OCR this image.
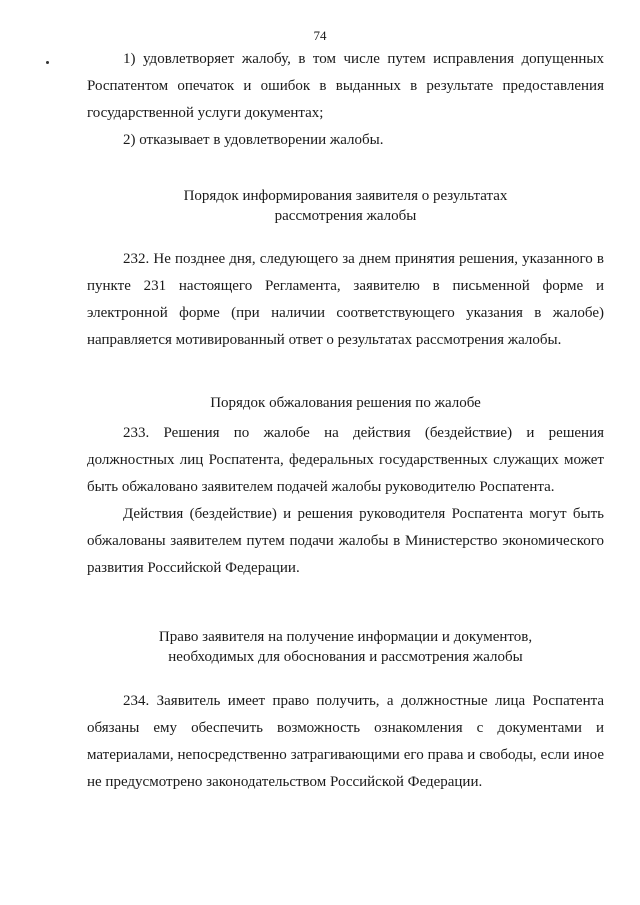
74

1) удовлетворяет жалобу, в том числе путем исправления допущенных Роспатентом опечаток и ошибок в выданных в результате предоставления государственной услуги документах;

2) отказывает в удовлетворении жалобы.

Порядок информирования заявителя о результатах
рассмотрения жалобы

232. Не позднее дня, следующего за днем принятия решения, указанного в пункте 231 настоящего Регламента, заявителю в письменной форме и электронной форме (при наличии соответствующего указания в жалобе) направляется мотивированный ответ о результатах рассмотрения жалобы.

Порядок обжалования решения по жалобе

233. Решения по жалобе на действия (бездействие) и решения должностных лиц Роспатента, федеральных государственных служащих может быть обжаловано заявителем подачей жалобы руководителю Роспатента.

Действия (бездействие) и решения руководителя Роспатента могут быть обжалованы заявителем путем подачи жалобы в Министерство экономического развития Российской Федерации.

Право заявителя на получение информации и документов,
необходимых для обоснования и рассмотрения жалобы

234. Заявитель имеет право получить, а должностные лица Роспатента обязаны ему обеспечить возможность ознакомления с документами и материалами, непосредственно затрагивающими его права и свободы, если иное не предусмотрено законодательством Российской Федерации.
